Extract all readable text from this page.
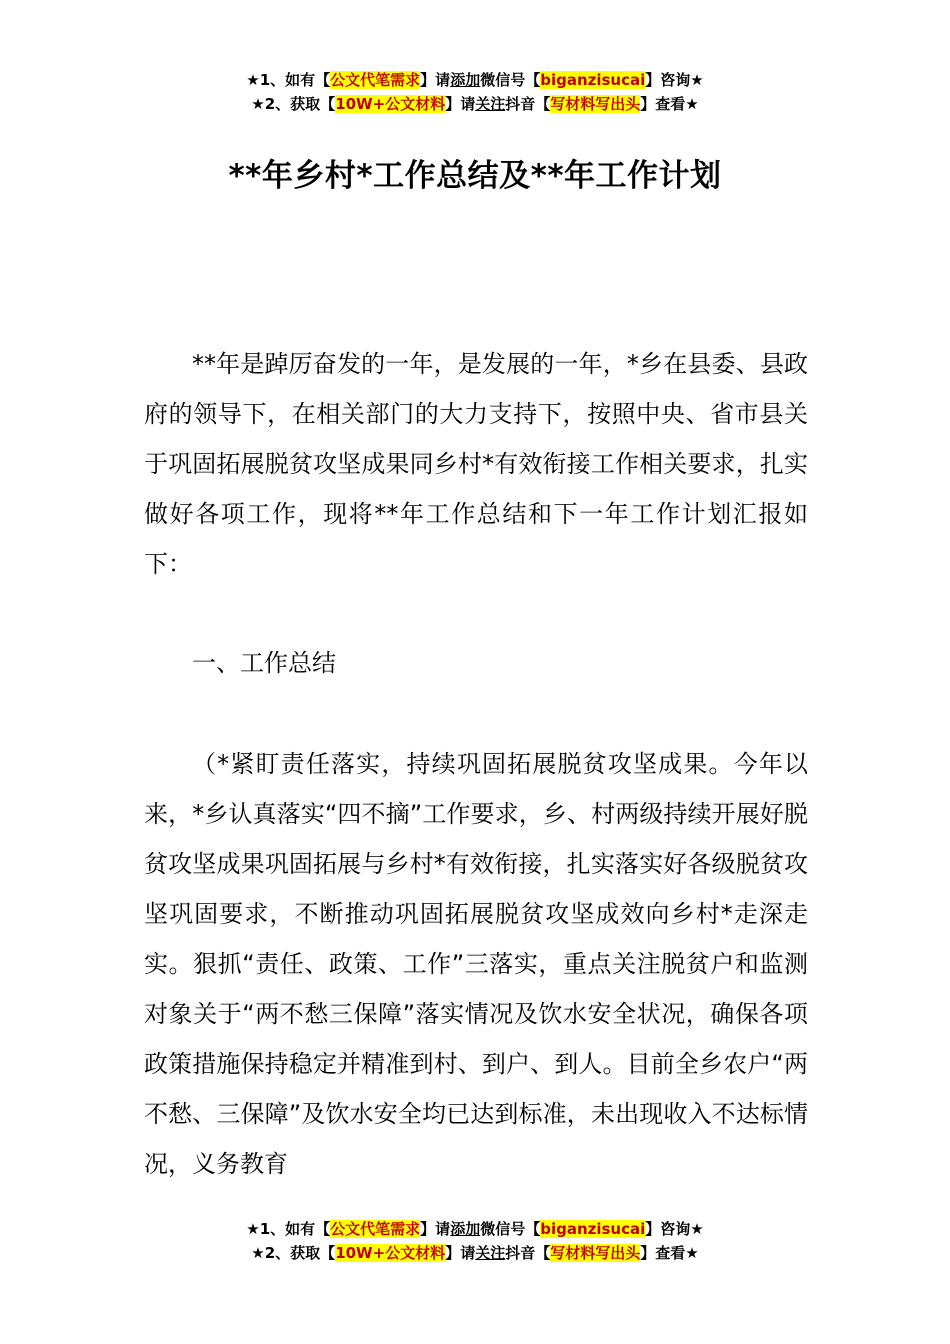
★1、如有【公文代笔需求】请添加微信号【biganzisucai】咨询★
★2、获取【10W+公文材料】请关注抖音【写材料写出头】查看★
**年乡村*工作总结及**年工作计划

**年是踔厉奋发的一年，是发展的一年，*乡在县委、县政府的领导下，在相关部门的大力支持下，按照中央、省市县关于巩固拓展脱贫攻坚成果同乡村*有效衔接工作相关要求，扎实做好各项工作，现将**年工作总结和下一年工作计划汇报如下：

一、工作总结

（*紧盯责任落实，持续巩固拓展脱贫攻坚成果。今年以来，*乡认真落实“四不摘”工作要求，乡、村两级持续开展好脱贫攻坚成果巩固拓展与乡村*有效衔接，扎实落实好各级脱贫攻坚巩固要求，不断推动巩固拓展脱贫攻坚成效向乡村*走深走实。狠抓“责任、政策、工作”三落实，重点关注脱贫户和监测对象关于“两不愁三保障”落实情况及饮水安全状况，确保各项政策措施保持稳定并精准到村、到户、到人。目前全乡农户“两不愁、三保障”及饮水安全均已达到标准，未出现收入不达标情况，义务教育

★1、如有【公文代笔需求】请添加微信号【biganzisucai】咨询★
★2、获取【10W+公文材料】请关注抖音【写材料写出头】查看★
